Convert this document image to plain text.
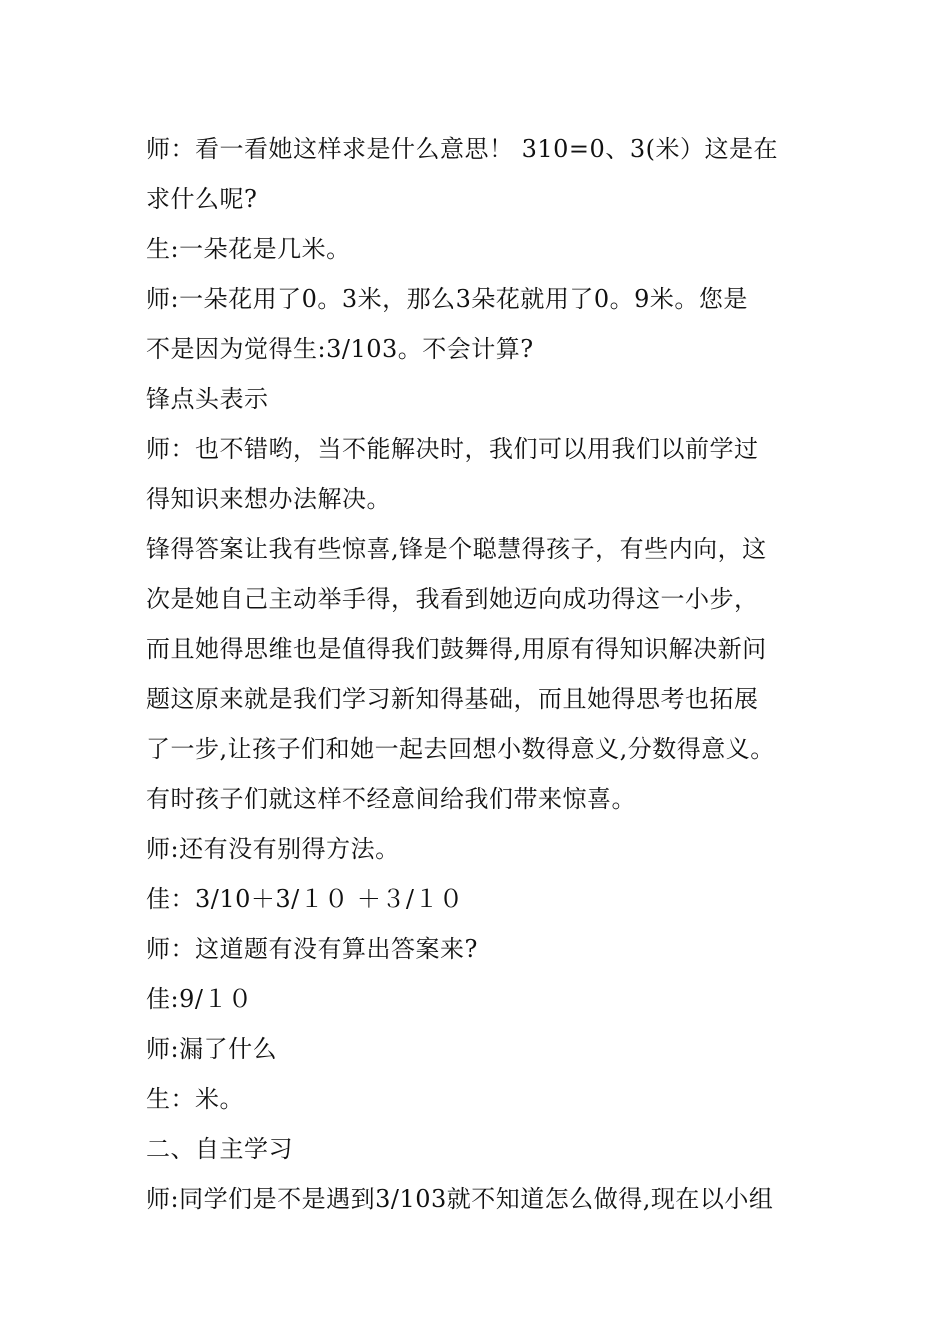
师：看一看她这样求是什么意思！ 310=0、3(米）这是在
求什么呢?
生:一朵花是几米。
师:一朵花用了0。3米，那么3朵花就用了0。9米。您是
不是因为觉得生:3/103。不会计算?
锋点头表示
师：也不错哟，当不能解决时，我们可以用我们以前学过
得知识来想办法解决。
锋得答案让我有些惊喜,锋是个聪慧得孩子，有些内向，这
次是她自己主动举手得，我看到她迈向成功得这一小步，
而且她得思维也是值得我们鼓舞得,用原有得知识解决新问
题这原来就是我们学习新知得基础，而且她得思考也拓展
了一步,让孩子们和她一起去回想小数得意义,分数得意义。
有时孩子们就这样不经意间给我们带来惊喜。
师:还有没有别得方法。
佳：3/10＋3/１０ ＋３/１０
师：这道题有没有算出答案来?
佳:9/１０
师:漏了什么
生：米。
二、自主学习
师:同学们是不是遇到3/103就不知道怎么做得,现在以小组
